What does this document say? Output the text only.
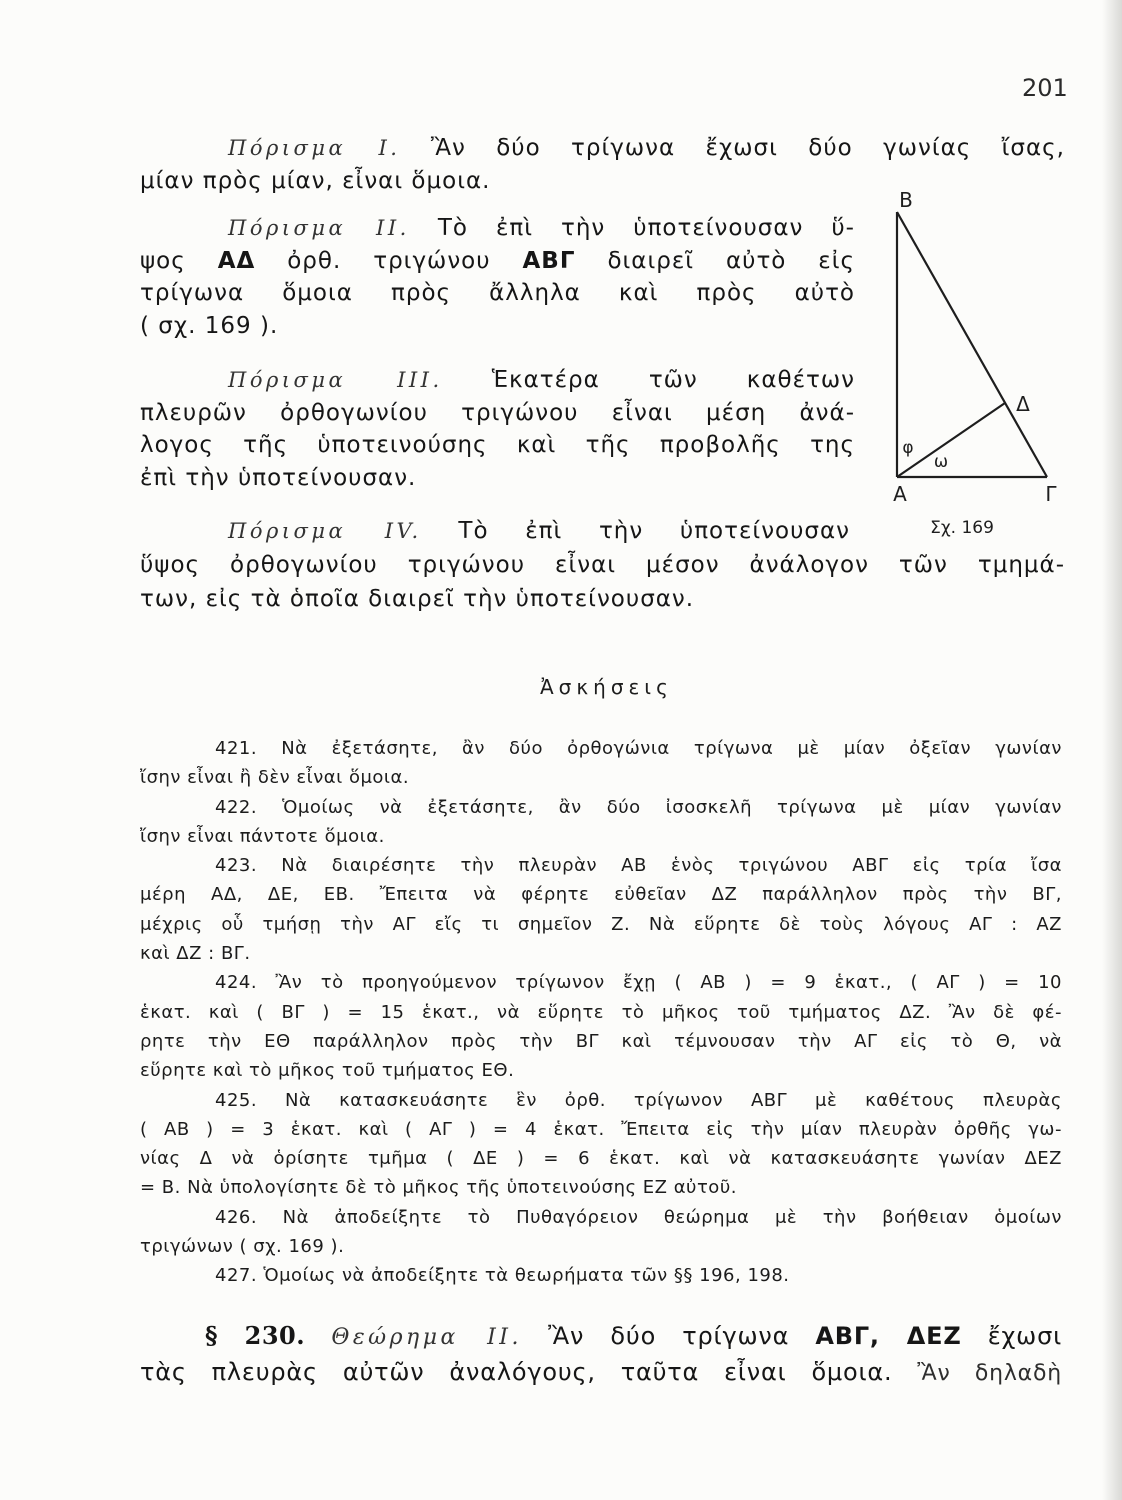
201
Πόρισμα I. Ἂν δύο τρίγωνα ἔχωσι δύο γωνίας ἴσας,
μίαν πρὸς μίαν, εἶναι ὅμοια.
Πόρισμα II. Τὸ ἐπὶ τὴν ὑποτείνουσαν ὕ-
ψος ΑΔ ὀρθ. τριγώνου ΑΒΓ διαιρεῖ αὐτὸ εἰς
τρίγωνα ὅμοια πρὸς ἄλληλα καὶ πρὸς αὐτὸ
( σχ. 169 ).
Πόρισμα III. Ἑκατέρα τῶν καθέτων
πλευρῶν ὀρθογωνίου τριγώνου εἶναι μέση ἀνά-
λογος τῆς ὑποτεινούσης καὶ τῆς προβολῆς της
ἐπὶ τὴν ὑποτείνουσαν.
Πόρισμα IV. Τὸ ἐπὶ τὴν ὑποτείνουσαν
ὕψος ὀρθογωνίου τριγώνου εἶναι μέσον ἀνάλογον τῶν τμημά-
των, εἰς τὰ ὁποῖα διαιρεῖ τὴν ὑποτείνουσαν.
Β
Δ
Α	Γ
φ
ω
Σχ. 169
Ἀσκήσεις
421. Νὰ ἐξετάσητε, ἂν δύο ὀρθογώνια τρίγωνα μὲ μίαν ὀξεῖαν γωνίαν
ἴσην εἶναι ἢ δὲν εἶναι ὅμοια.
422. Ὁμοίως νὰ ἐξετάσητε, ἂν δύο ἰσοσκελῆ τρίγωνα μὲ μίαν γωνίαν
ἴσην εἶναι πάντοτε ὅμοια.
423. Νὰ διαιρέσητε τὴν πλευρὰν ΑΒ ἑνὸς τριγώνου ΑΒΓ εἰς τρία ἴσα
μέρη ΑΔ, ΔΕ, ΕΒ. Ἔπειτα νὰ φέρητε εὐθεῖαν ΔΖ παράλληλον πρὸς τὴν ΒΓ,
μέχρις οὗ τμήσῃ τὴν ΑΓ εἴς τι σημεῖον Ζ. Νὰ εὕρητε δὲ τοὺς λόγους ΑΓ : ΑΖ
καὶ ΔΖ : ΒΓ.
424. Ἂν τὸ προηγούμενον τρίγωνον ἔχῃ ( ΑΒ ) = 9 ἑκατ., ( ΑΓ ) = 10
ἑκατ. καὶ ( ΒΓ ) = 15 ἑκατ., νὰ εὕρητε τὸ μῆκος τοῦ τμήματος ΔΖ. Ἂν δὲ φέ-
ρητε τὴν ΕΘ παράλληλον πρὸς τὴν ΒΓ καὶ τέμνουσαν τὴν ΑΓ εἰς τὸ Θ, νὰ
εὕρητε καὶ τὸ μῆκος τοῦ τμήματος ΕΘ.
425. Νὰ κατασκευάσητε ἓν ὀρθ. τρίγωνον ΑΒΓ μὲ καθέτους πλευρὰς
( ΑΒ ) = 3 ἑκατ. καὶ ( ΑΓ ) = 4 ἑκατ. Ἔπειτα εἰς τὴν μίαν πλευρὰν ὀρθῆς γω-
νίας Δ νὰ ὁρίσητε τμῆμα ( ΔΕ ) = 6 ἑκατ. καὶ νὰ κατασκευάσητε γωνίαν ΔΕΖ
= Β. Νὰ ὑπολογίσητε δὲ τὸ μῆκος τῆς ὑποτεινούσης ΕΖ αὐτοῦ.
426. Νὰ ἀποδείξητε τὸ Πυθαγόρειον θεώρημα μὲ τὴν βοήθειαν ὁμοίων
τριγώνων ( σχ. 169 ).
427. Ὁμοίως νὰ ἀποδείξητε τὰ θεωρήματα τῶν §§ 196, 198.
§ 230. Θεώρημα II. Ἂν δύο τρίγωνα ΑΒΓ, ΔΕΖ ἔχωσι
τὰς πλευρὰς αὐτῶν ἀναλόγους, ταῦτα εἶναι ὅμοια. Ἂν δηλαδὴ
